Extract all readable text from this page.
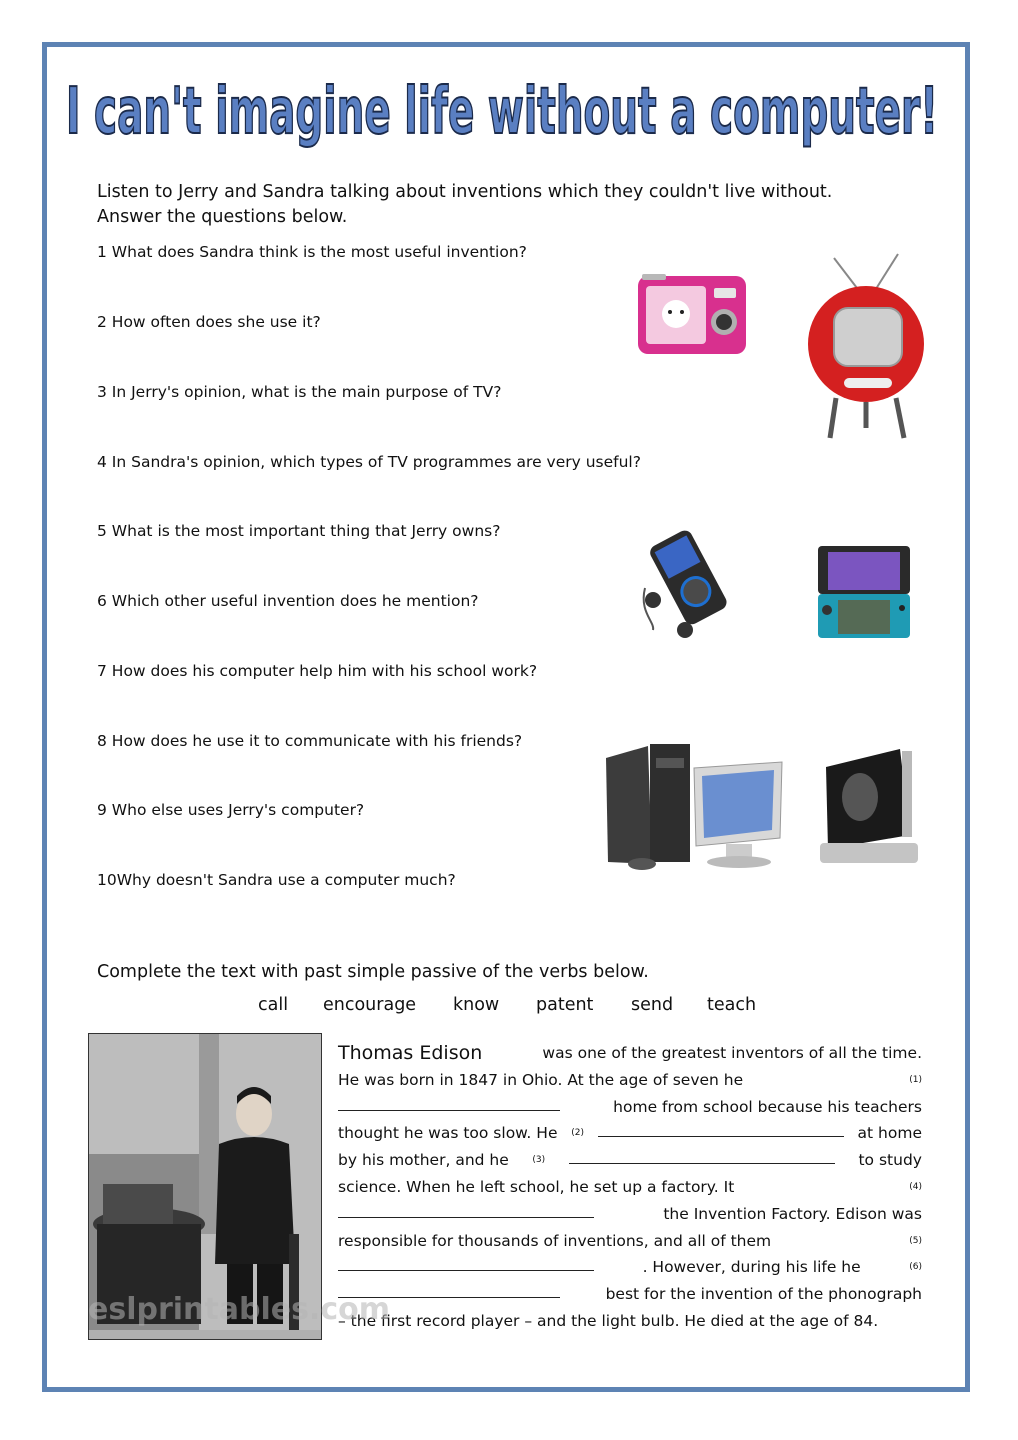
I can't imagine life without a computer!
Listen to Jerry and Sandra talking about inventions which they couldn't live without.
Answer the questions below.
1 What does Sandra think is the most useful invention?
2 How often does she use it?
3 In Jerry's opinion, what is the main purpose of TV?
4 In Sandra's opinion, which types of TV programmes are very useful?
5 What is the most important thing that Jerry owns?
6 Which other useful invention does he mention?
7 How does his computer help him with his school work?
8 How does he use it to communicate with his friends?
9 Who else uses Jerry's computer?
10Why doesn't Sandra use a computer much?
Complete the text with past simple passive of the verbs below.
call encourage know patent send teach
Thomas Edison	was one of the greatest inventors of all the time.
He was born in 1847 in Ohio. At the age of seven he	(1)
home from school because his teachers
thought he was too slow. He (2)	at home
by his mother, and he	(3)	to study
science. When he left school, he set up a factory. It	(4)
the Invention Factory. Edison was
responsible for thousands of inventions, and all of them	(5)
. However, during his life he	(6)
best for the invention of the phonograph
– the first record player – and the light bulb. He died at the age of 84.
eslprintables.com
